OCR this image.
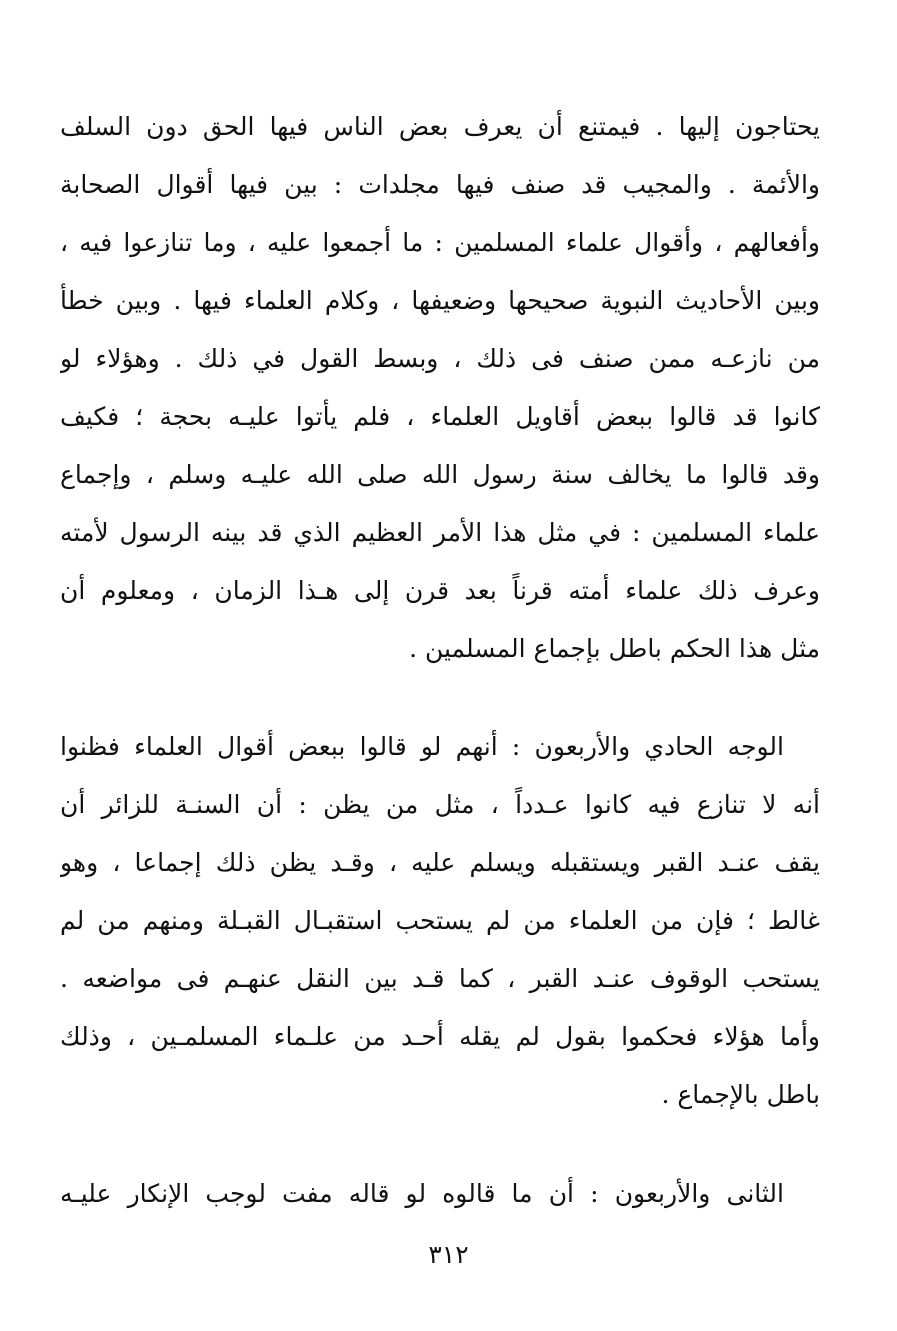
يحتاجون إليها . فيمتنع أن يعرف بعض الناس فيها الحق دون السلف
والأئمة . والمجيب قد صنف فيها مجلدات : بين فيها أقوال الصحابة
وأفعالهم ، وأقوال علماء المسلمين : ما أجمعوا عليه ، وما تنازعوا فيه ،
وبين الأحاديث النبوية صحيحها وضعيفها ، وكلام العلماء فيها . وبين خطأ
من نازعـه ممن صنف فى ذلك ، وبسط القول في ذلك . وهؤلاء لو
كانوا قد قالوا ببعض أقاويل العلماء ، فلم يأتوا عليـه بحجة ؛ فكيف
وقد قالوا ما يخالف سنة رسول الله صلى الله عليـه وسلم ، وإجماع
علماء المسلمين : في مثل هذا الأمر العظيم الذي قد بينه الرسول لأمته
وعرف ذلك علماء أمته قرناً بعد قرن إلى هـذا الزمان ، ومعلوم أن
مثل هذا الحكم باطل بإجماع المسلمين .
الوجه الحادي والأربعون : أنهم لو قالوا ببعض أقوال العلماء فظنوا
أنه لا تنازع فيه كانوا عـدداً ، مثل من يظن : أن السنـة للزائر أن
يقف عنـد القبر ويستقبله ويسلم عليه ، وقـد يظن ذلك إجماعا ، وهو
غالط ؛ فإن من العلماء من لم يستحب استقبـال القبـلة ومنهم من لم
يستحب الوقوف عنـد القبر ، كما قـد بين النقل عنهـم فى مواضعه .
وأما هؤلاء فحكموا بقول لم يقله أحـد من علـماء المسلمـين ، وذلك
باطل بالإجماع .
الثانى والأربعون : أن ما قالوه لو قاله مفت لوجب الإنكار عليـه
٣١٢
